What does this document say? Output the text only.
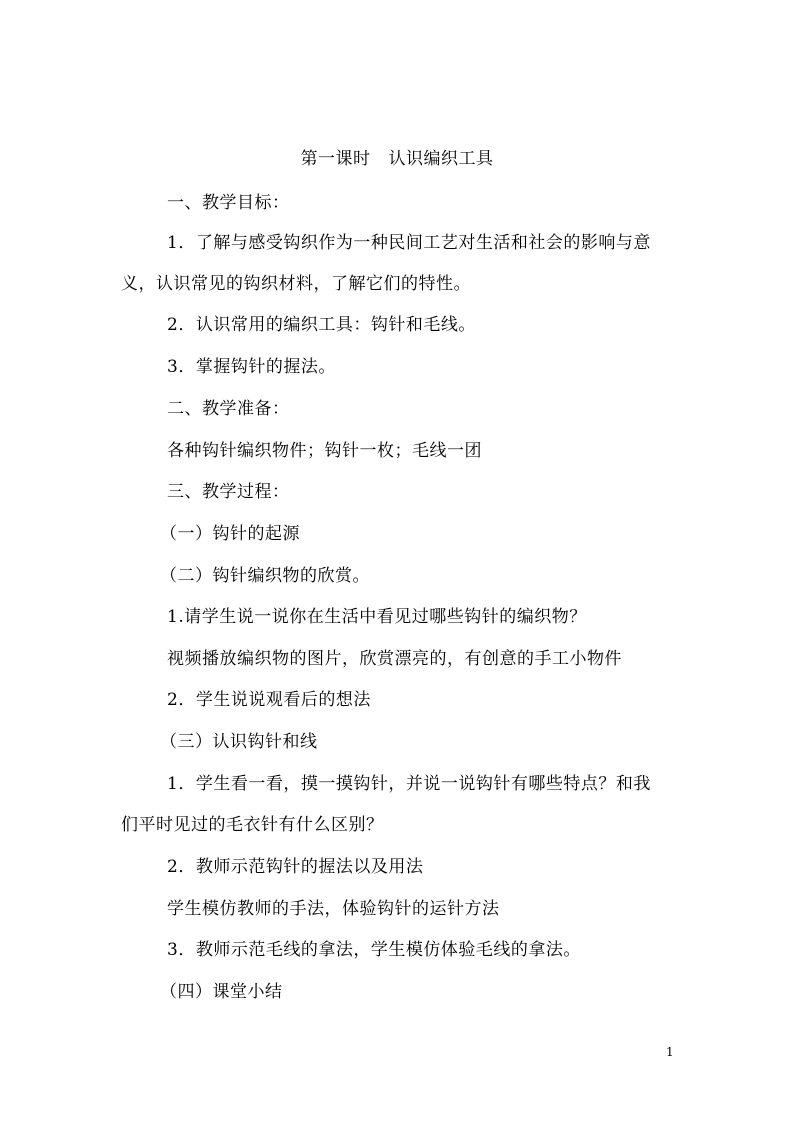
第一课时 认识编织工具
一、教学目标：
1．了解与感受钩织作为一种民间工艺对生活和社会的影响与意
义，认识常见的钩织材料，了解它们的特性。
2．认识常用的编织工具：钩针和毛线。
3．掌握钩针的握法。
二、教学准备：
各种钩针编织物件；钩针一枚；毛线一团
三、教学过程：
（一）钩针的起源
（二）钩针编织物的欣赏。
1.请学生说一说你在生活中看见过哪些钩针的编织物？
视频播放编织物的图片，欣赏漂亮的，有创意的手工小物件
2．学生说说观看后的想法
（三）认识钩针和线
1．学生看一看，摸一摸钩针，并说一说钩针有哪些特点？和我
们平时见过的毛衣针有什么区别？
2．教师示范钩针的握法以及用法
学生模仿教师的手法，体验钩针的运针方法
3．教师示范毛线的拿法，学生模仿体验毛线的拿法。
（四）课堂小结
1
